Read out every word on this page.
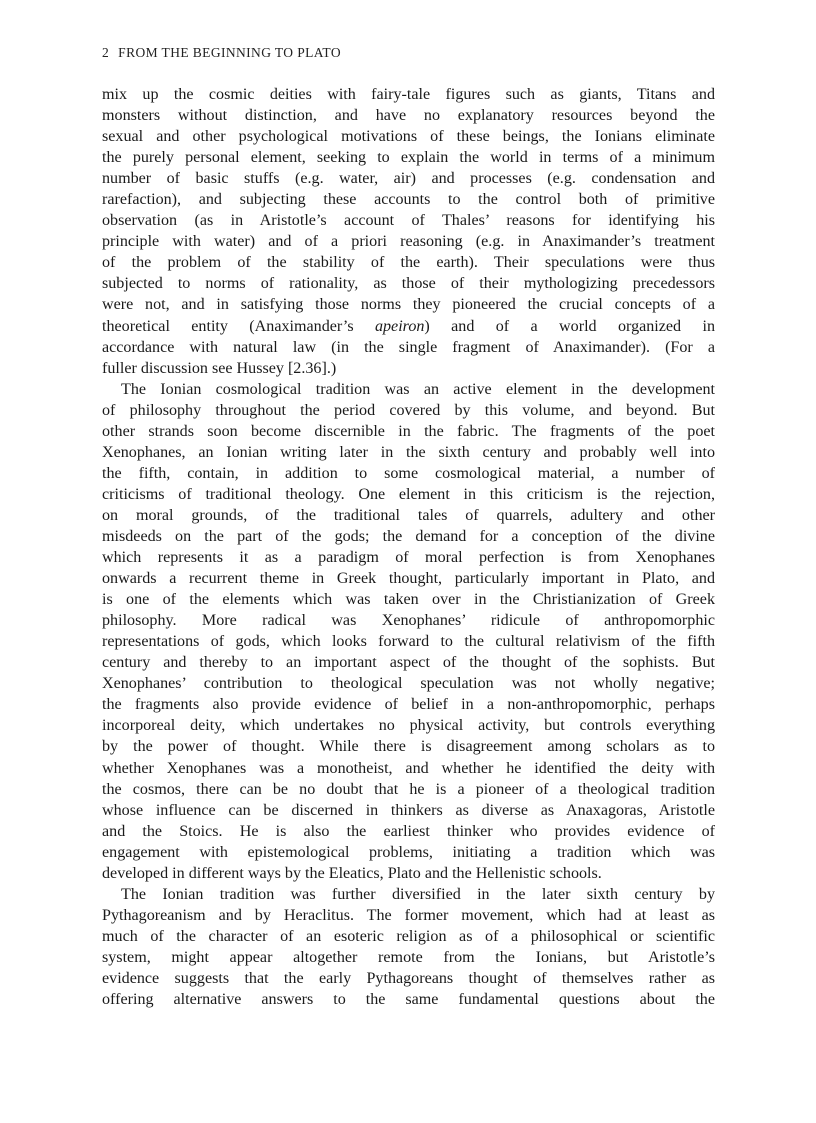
2 FROM THE BEGINNING TO PLATO

mix up the cosmic deities with fairy-tale figures such as giants, Titans and
monsters without distinction, and have no explanatory resources beyond the
sexual and other psychological motivations of these beings, the Ionians eliminate
the purely personal element, seeking to explain the world in terms of a minimum
number of basic stuffs (e.g. water, air) and processes (e.g. condensation and
rarefaction), and subjecting these accounts to the control both of primitive
observation (as in Aristotle’s account of Thales’ reasons for identifying his
principle with water) and of a priori reasoning (e.g. in Anaximander’s treatment
of the problem of the stability of the earth). Their speculations were thus
subjected to norms of rationality, as those of their mythologizing precedessors
were not, and in satisfying those norms they pioneered the crucial concepts of a
theoretical entity (Anaximander’s apeiron) and of a world organized in
accordance with natural law (in the single fragment of Anaximander). (For a
fuller discussion see Hussey [2.36].)

The Ionian cosmological tradition was an active element in the development
of philosophy throughout the period covered by this volume, and beyond. But
other strands soon become discernible in the fabric. The fragments of the poet
Xenophanes, an Ionian writing later in the sixth century and probably well into
the fifth, contain, in addition to some cosmological material, a number of
criticisms of traditional theology. One element in this criticism is the rejection,
on moral grounds, of the traditional tales of quarrels, adultery and other
misdeeds on the part of the gods; the demand for a conception of the divine
which represents it as a paradigm of moral perfection is from Xenophanes
onwards a recurrent theme in Greek thought, particularly important in Plato, and
is one of the elements which was taken over in the Christianization of Greek
philosophy. More radical was Xenophanes’ ridicule of anthropomorphic
representations of gods, which looks forward to the cultural relativism of the fifth
century and thereby to an important aspect of the thought of the sophists. But
Xenophanes’ contribution to theological speculation was not wholly negative;
the fragments also provide evidence of belief in a non-anthropomorphic, perhaps
incorporeal deity, which undertakes no physical activity, but controls everything
by the power of thought. While there is disagreement among scholars as to
whether Xenophanes was a monotheist, and whether he identified the deity with
the cosmos, there can be no doubt that he is a pioneer of a theological tradition
whose influence can be discerned in thinkers as diverse as Anaxagoras, Aristotle
and the Stoics. He is also the earliest thinker who provides evidence of
engagement with epistemological problems, initiating a tradition which was
developed in different ways by the Eleatics, Plato and the Hellenistic schools.

The Ionian tradition was further diversified in the later sixth century by
Pythagoreanism and by Heraclitus. The former movement, which had at least as
much of the character of an esoteric religion as of a philosophical or scientific
system, might appear altogether remote from the Ionians, but Aristotle’s
evidence suggests that the early Pythagoreans thought of themselves rather as
offering alternative answers to the same fundamental questions about the
